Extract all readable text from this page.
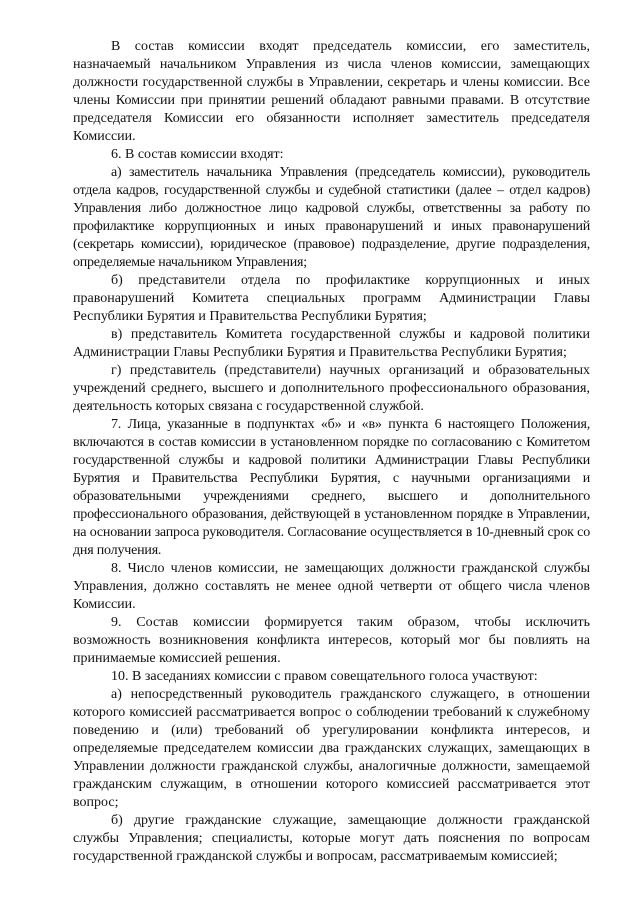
В состав комиссии входят председатель комиссии, его заместитель, назначаемый начальником Управления из числа членов комиссии, замещающих должности государственной службы в Управлении, секретарь и члены комиссии. Все члены Комиссии при принятии решений обладают равными правами. В отсутствие председателя Комиссии его обязанности исполняет заместитель председателя Комиссии.

6. В состав комиссии входят:

а) заместитель начальника Управления (председатель комиссии), руководитель отдела кадров, государственной службы и судебной статистики (далее – отдел кадров) Управления либо должностное лицо кадровой службы, ответственны за работу по профилактике коррупционных и иных правонарушений и иных правонарушений (секретарь комиссии), юридическое (правовое) подразделение, другие подразделения, определяемые начальником Управления;

б) представители отдела по профилактике коррупционных и иных правонарушений Комитета специальных программ Администрации Главы Республики Бурятия и Правительства Республики Бурятия;

в) представитель Комитета государственной службы и кадровой политики Администрации Главы Республики Бурятия и Правительства Республики Бурятия;

г) представитель (представители) научных организаций и образовательных учреждений среднего, высшего и дополнительного профессионального образования, деятельность которых связана с государственной службой.

7. Лица, указанные в подпунктах «б» и «в» пункта 6 настоящего Положения, включаются в состав комиссии в установленном порядке по согласованию с Комитетом государственной службы и кадровой политики Администрации Главы Республики Бурятия и Правительства Республики Бурятия, с научными организациями и образовательными учреждениями среднего, высшего и дополнительного профессионального образования, действующей в установленном порядке в Управлении, на основании запроса руководителя. Согласование осуществляется в 10-дневный срок со дня получения.

8. Число членов комиссии, не замещающих должности гражданской службы Управления, должно составлять не менее одной четверти от общего числа членов Комиссии.

9. Состав комиссии формируется таким образом, чтобы исключить возможность возникновения конфликта интересов, который мог бы повлиять на принимаемые комиссией решения.

10. В заседаниях комиссии с правом совещательного голоса участвуют:

а) непосредственный руководитель гражданского служащего, в отношении которого комиссией рассматривается вопрос о соблюдении требований к служебному поведению и (или) требований об урегулировании конфликта интересов, и определяемые председателем комиссии два гражданских служащих, замещающих в Управлении должности гражданской службы, аналогичные должности, замещаемой гражданским служащим, в отношении которого комиссией рассматривается этот вопрос;

б) другие гражданские служащие, замещающие должности гражданской службы Управления; специалисты, которые могут дать пояснения по вопросам государственной гражданской службы и вопросам, рассматриваемым комиссией;
